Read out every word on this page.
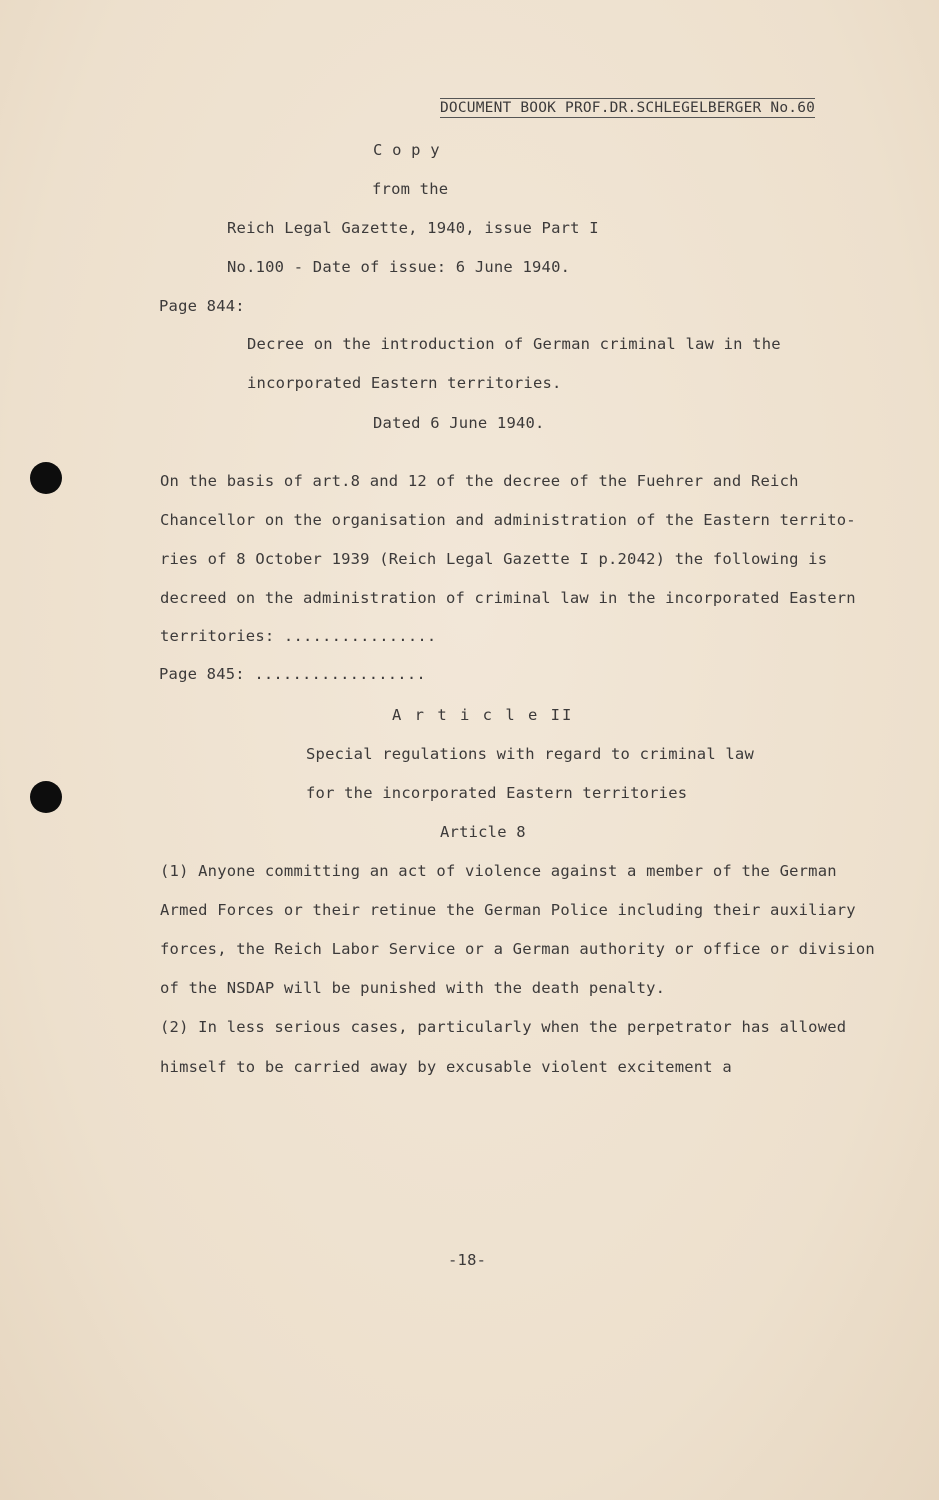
DOCUMENT BOOK PROF.DR.SCHLEGELBERGER No.60
C o p y
from the
Reich Legal Gazette, 1940, issue Part I
No.100 - Date of issue: 6 June 1940.
Page 844:
Decree on the introduction of German criminal law in the
incorporated Eastern territories.
Dated 6 June 1940.
On the basis of art.8 and 12 of the decree of the Fuehrer and Reich
Chancellor on the organisation and administration of the Eastern territo-
ries of 8 October 1939 (Reich Legal Gazette I p.2042) the following is
decreed on the administration of criminal law in the incorporated Eastern
territories: ................
Page 845: ..................
A r t i c l e II
Special regulations with regard to criminal law
for the incorporated Eastern territories
Article 8
(1) Anyone committing an act of violence against a member of the German
Armed Forces or their retinue the German Police including their auxiliary
forces, the Reich Labor Service or a German authority or office or division
of the NSDAP will be punished with the death penalty.
(2) In less serious cases, particularly when the perpetrator has allowed
himself to be carried away by excusable violent excitement a
-18-
